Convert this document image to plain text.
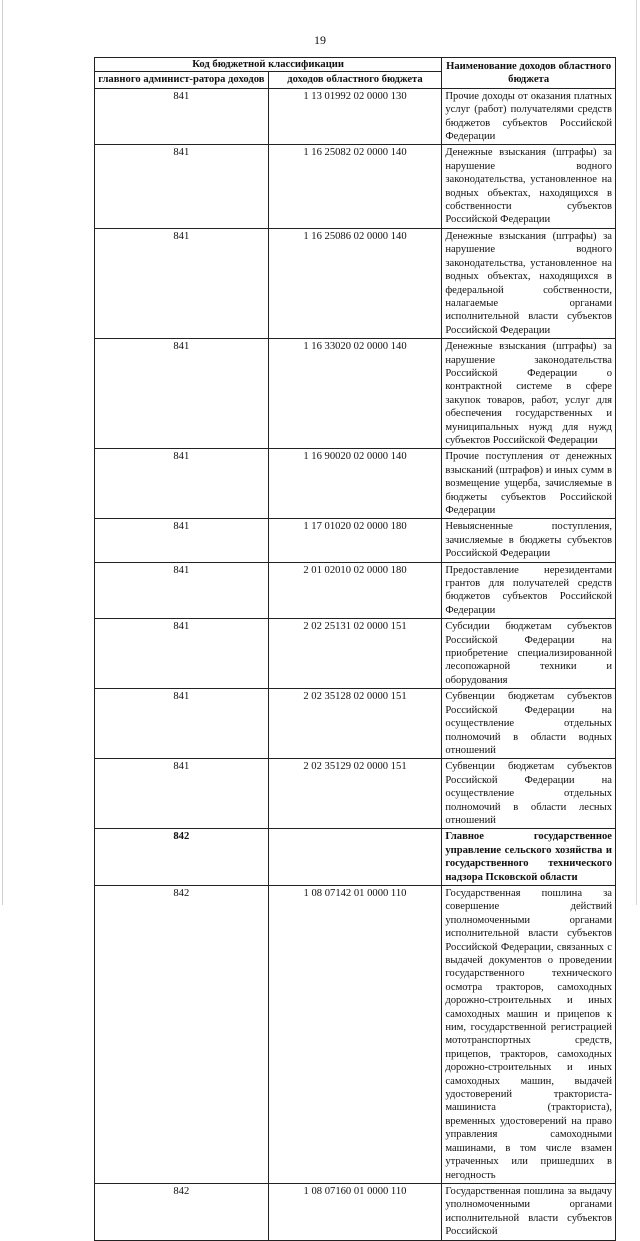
19
Код бюджетной классификации		Наименование доходов областного бюджета
главного админист-ратора доходов	доходов областного бюджета	
841	1 13 01992 02 0000 130	Прочие доходы от оказания платных услуг (работ) получателями средств бюджетов субъектов Российской Федерации
841	1 16 25082 02 0000 140	Денежные взыскания (штрафы) за нарушение водного законодательства, установленное на водных объектах, находящихся в собственности субъектов Российской Федерации
841	1 16 25086 02 0000 140	Денежные взыскания (штрафы) за нарушение водного законодательства, установленное на водных объектах, находящихся в федеральной собственности, налагаемые органами исполнительной власти субъектов Российской Федерации
841	1 16 33020 02 0000 140	Денежные взыскания (штрафы) за нарушение законодательства Российской Федерации о контрактной системе в сфере закупок товаров, работ, услуг для обеспечения государственных и муниципальных нужд для нужд субъектов Российской Федерации
841	1 16 90020 02 0000 140	Прочие поступления от денежных взысканий (штрафов) и иных сумм в возмещение ущерба, зачисляемые в бюджеты субъектов Российской Федерации
841	1 17 01020 02 0000 180	Невыясненные поступления, зачисляемые в бюджеты субъектов Российской Федерации
841	2 01 02010 02 0000 180	Предоставление нерезидентами грантов для получателей средств бюджетов субъектов Российской Федерации
841	2 02 25131 02 0000 151	Субсидии бюджетам субъектов Российской Федерации на приобретение специализированной лесопожарной техники и оборудования
841	2 02 35128 02 0000 151	Субвенции бюджетам субъектов Российской Федерации на осуществление отдельных полномочий в области водных отношений
841	2 02 35129 02 0000 151	Субвенции бюджетам субъектов Российской Федерации на осуществление отдельных полномочий в области лесных отношений
842		Главное государственное управление сельского хозяйства и государственного технического надзора Псковской области
842	1 08 07142 01 0000 110	Государственная пошлина за совершение действий уполномоченными органами исполнительной власти субъектов Российской Федерации, связанных с выдачей документов о проведении государственного технического осмотра тракторов, самоходных дорожно-строительных и иных самоходных машин и прицепов к ним, государственной регистрацией мототранспортных средств, прицепов, тракторов, самоходных дорожно-строительных и иных самоходных машин, выдачей удостоверений тракториста-машиниста (тракториста), временных удостоверений на право управления самоходными машинами, в том числе взамен утраченных или пришедших в негодность
842	1 08 07160 01 0000 110	Государственная пошлина за выдачу уполномоченными органами исполнительной власти субъектов Российской
